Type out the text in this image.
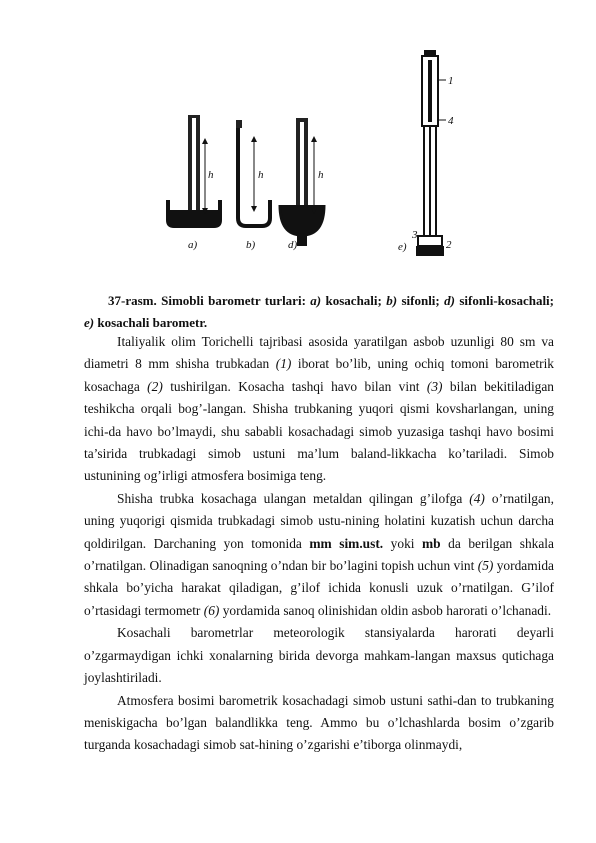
h
a)
h
b)
h
d)
1
4
3
2
e)
37-rasm. Simobli barometr turlari: a) kosachali; b) sifonli; d) sifonli-kosachali; e) kosachali barometr.

Italiyalik olim Torichelli tajribasi asosida yaratilgan asbob uzunligi 80 sm va diametri 8 mm shisha trubkadan (1) iborat bo’lib, uning ochiq tomoni barometrik kosachaga (2) tushirilgan. Kosacha tashqi havo bilan vint (3) bilan bekitiladigan teshikcha orqali bog’-langan. Shisha trubkaning yuqori qismi kovsharlangan, uning ichi-da havo bo’lmaydi, shu sababli kosachadagi simob yuzasiga tashqi havo bosimi ta’sirida trubkadagi simob ustuni ma’lum baland-likkacha ko’tariladi. Simob ustunining og’irligi atmosfera bosimiga teng.

Shisha trubka kosachaga ulangan metaldan qilingan g’ilofga (4) o’rnatilgan, uning yuqorigi qismida trubkadagi simob ustu-nining holatini kuzatish uchun darcha qoldirilgan. Darchaning yon tomonida mm sim.ust. yoki mb da berilgan shkala o’rnatilgan. Olinadigan sanoqning o’ndan bir bo’lagini topish uchun vint (5) yordamida shkala bo’yicha harakat qiladigan, g’ilof ichida konusli uzuk o’rnatilgan. G’ilof o’rtasidagi termometr (6) yordamida sanoq olinishidan oldin asbob harorati o’lchanadi.

Kosachali barometrlar meteorologik stansiyalarda harorati deyarli o’zgarmaydigan ichki xonalarning birida devorga mahkam-langan maxsus qutichaga joylashtiriladi.

Atmosfera bosimi barometrik kosachadagi simob ustuni sathi-dan to trubkaning meniskigacha bo’lgan balandlikka teng. Ammo bu o’lchashlarda bosim o’zgarib turganda kosachadagi simob sat-hining o’zgarishi e’tiborga olinmaydi,
